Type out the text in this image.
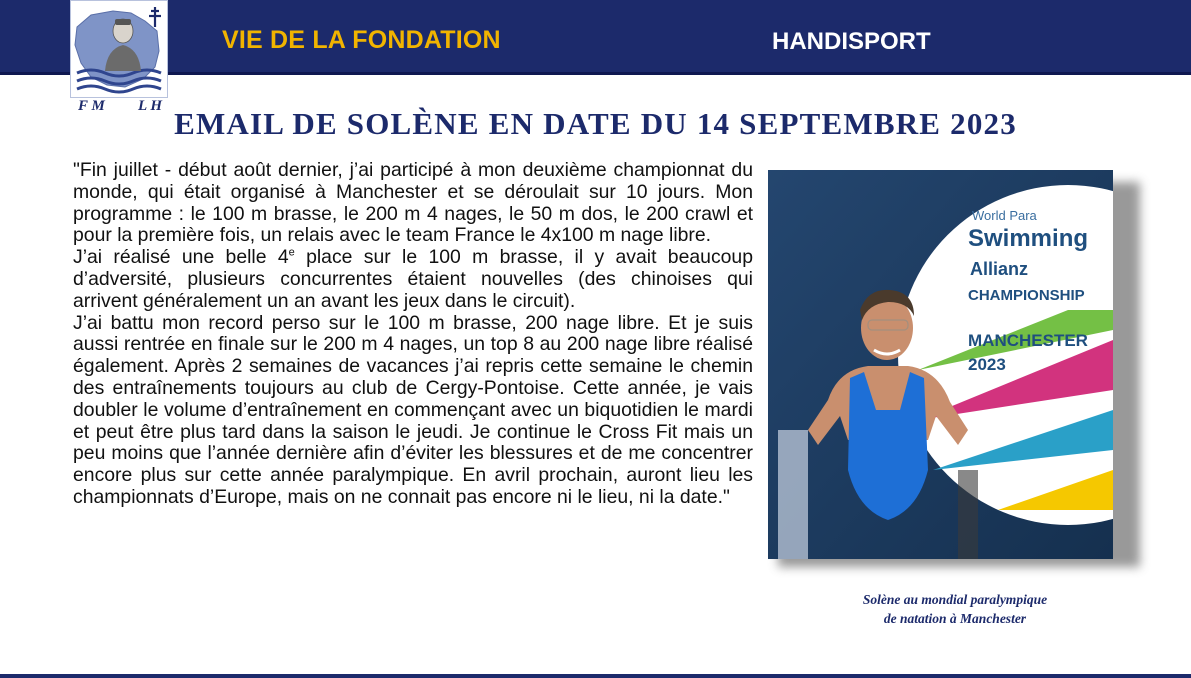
VIE DE LA FONDATION	HANDISPORT
F M L H EMAIL DE SOLÈNE EN DATE DU 14 SEPTEMBRE 2023

"Fin juillet - début août dernier, j’ai participé à mon deuxième championnat du monde, qui était organisé à Manchester et se déroulait sur 10 jours. Mon programme : le 100 m brasse, le 200 m 4 nages, le 50 m dos, le 200 crawl et pour la première fois, un relais avec le team France le 4x100 m nage libre.

J’ai réalisé une belle 4e place sur le 100 m brasse, il y avait beaucoup d’adversité, plusieurs concurrentes étaient nouvelles (des chinoises qui arrivent généralement un an avant les jeux dans le circuit).

J’ai battu mon record perso sur le 100 m brasse, 200 nage libre. Et je suis aussi rentrée en finale sur le 200 m 4 nages, un top 8 au 200 nage libre réalisé également. Après 2 semaines de vacances j’ai repris cette semaine le chemin des entraînements toujours au club de Cergy-Pontoise. Cette année, je vais doubler le volume d’entraînement en commençant avec un biquotidien le mardi et peut être plus tard dans la saison le jeudi. Je continue le Cross Fit mais un peu moins que l’année dernière afin d’éviter les blessures et de me concentrer encore plus sur cette année paralympique. En avril prochain, auront lieu les championnats d’Europe, mais on ne connait pas encore ni le lieu, ni la date."

World Para
Swimming
Allianz
CHAMPIONSHIP
MANCHESTER
2023
Solène au mondial paralympique
de natation à Manchester
